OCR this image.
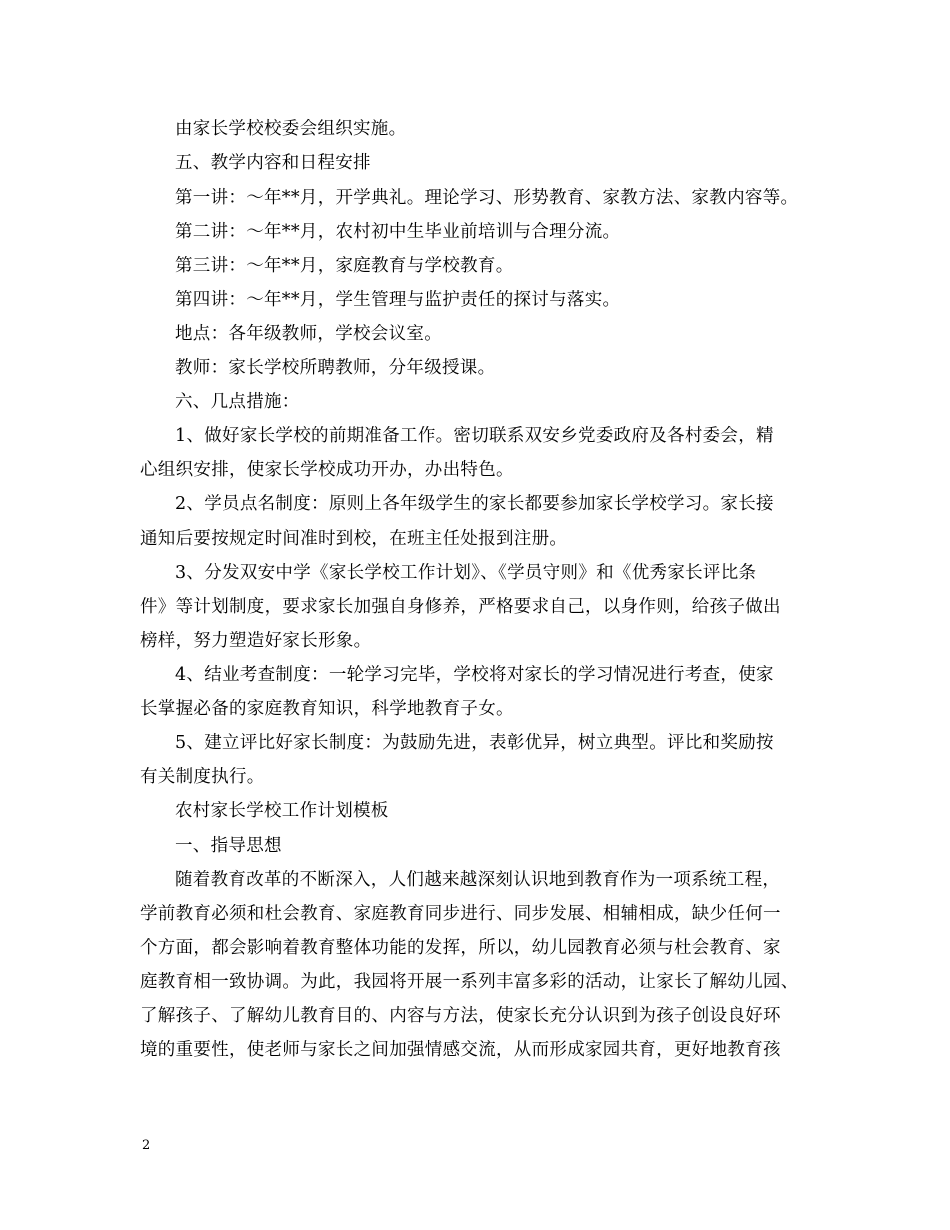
由家长学校校委会组织实施。
五、教学内容和日程安排
第一讲：～年**月，开学典礼。理论学习、形势教育、家教方法、家教内容等。
第二讲：～年**月，农村初中生毕业前培训与合理分流。
第三讲：～年**月，家庭教育与学校教育。
第四讲：～年**月，学生管理与监护责任的探讨与落实。
地点：各年级教师，学校会议室。
教师：家长学校所聘教师，分年级授课。
六、几点措施：
1、做好家长学校的前期准备工作。密切联系双安乡党委政府及各村委会，精
心组织安排，使家长学校成功开办，办出特色。
2、学员点名制度：原则上各年级学生的家长都要参加家长学校学习。家长接
通知后要按规定时间准时到校，在班主任处报到注册。
3、分发双安中学《家长学校工作计划》、《学员守则》和《优秀家长评比条
件》等计划制度，要求家长加强自身修养，严格要求自己，以身作则，给孩子做出
榜样，努力塑造好家长形象。
4、结业考查制度：一轮学习完毕，学校将对家长的学习情况进行考查，使家
长掌握必备的家庭教育知识，科学地教育子女。
5、建立评比好家长制度：为鼓励先进，表彰优异，树立典型。评比和奖励按
有关制度执行。
农村家长学校工作计划模板
一、指导思想
随着教育改革的不断深入，人们越来越深刻认识地到教育作为一项系统工程，
学前教育必须和杜会教育、家庭教育同步进行、同步发展、相辅相成，缺少任何一
个方面，都会影响着教育整体功能的发挥，所以，幼儿园教育必须与杜会教育、家
庭教育相一致协调。为此，我园将开展一系列丰富多彩的活动，让家长了解幼儿园、
了解孩子、了解幼儿教育目的、内容与方法，使家长充分认识到为孩子创设良好环
境的重要性，使老师与家长之间加强情感交流，从而形成家园共育，更好地教育孩
2
